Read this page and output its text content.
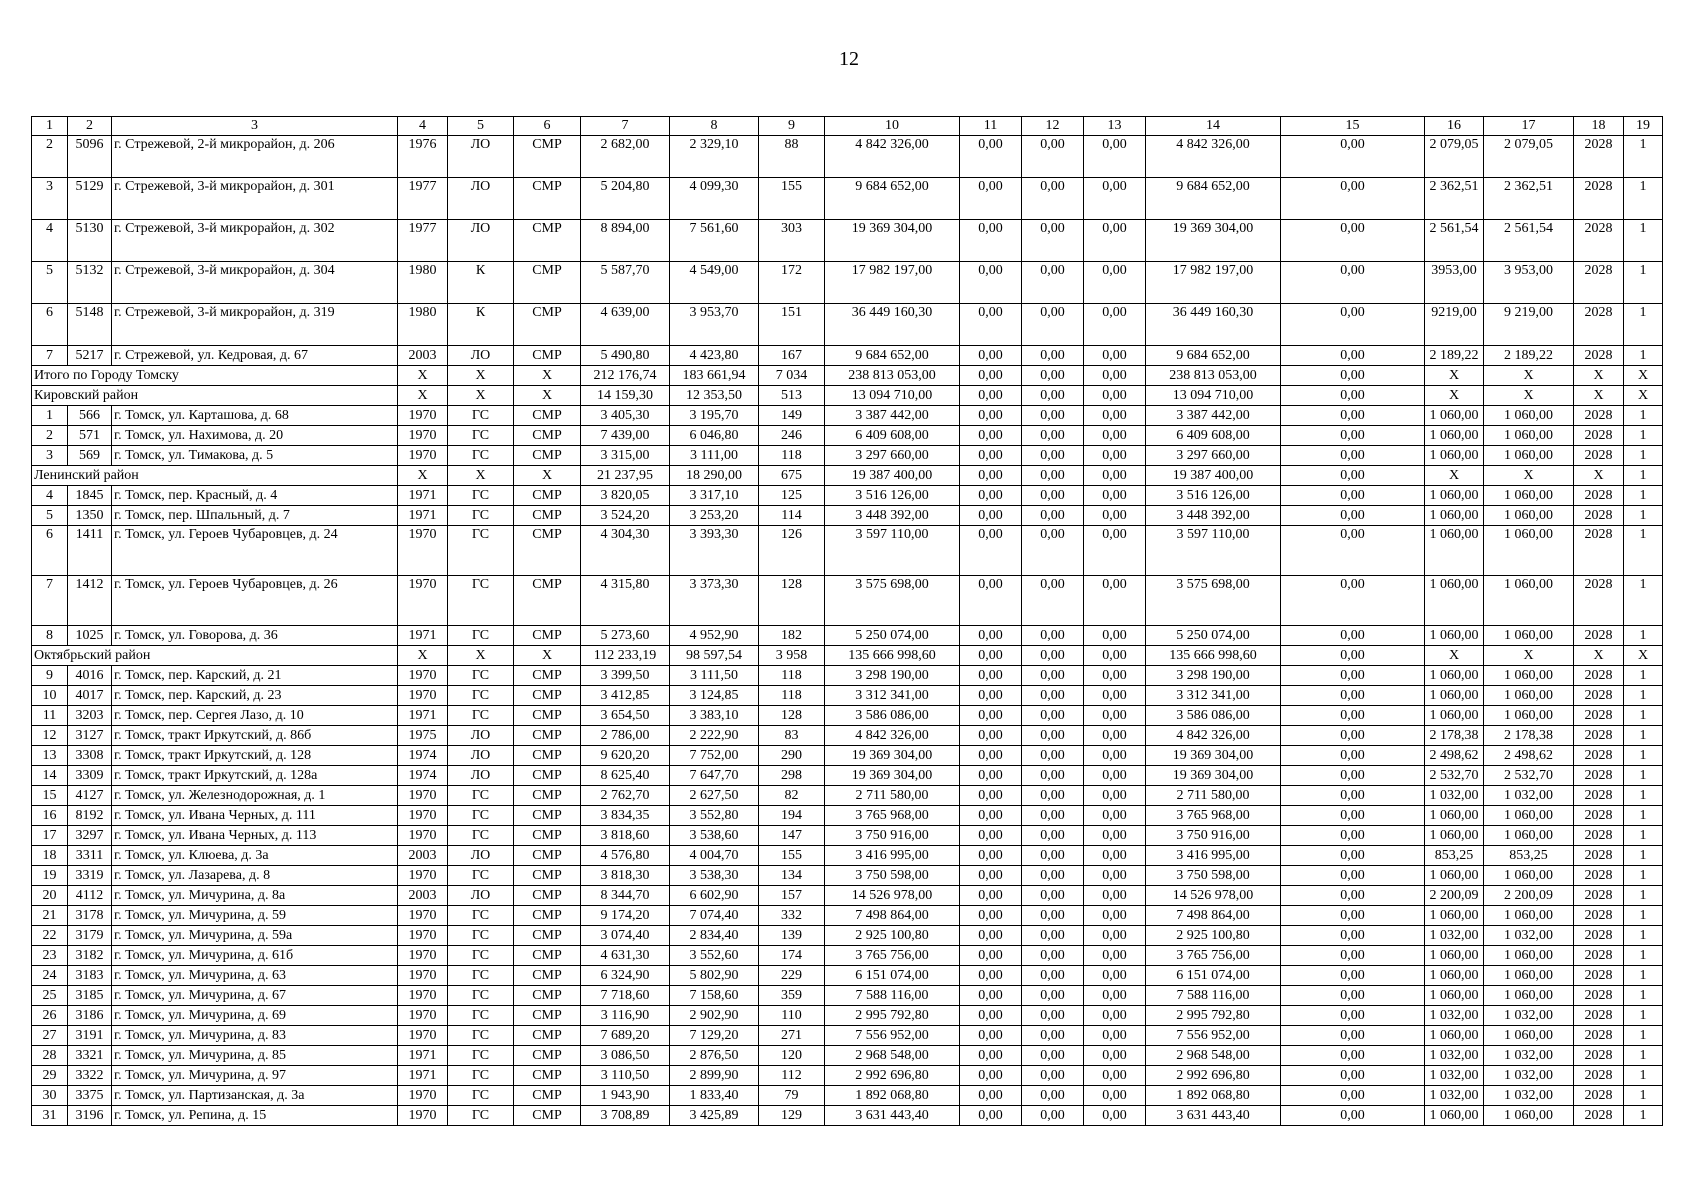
12
1	2	3	4	5	6	7	8	9	10	11	12	13	14	15	16	17	18	19
2	5096	г. Стрежевой, 2-й микрорайон, д. 206	1976	ЛО	СМР	2 682,00	2 329,10	88	4 842 326,00	0,00	0,00	0,00	4 842 326,00	0,00	2 079,05	2 079,05	2028	1
3	5129	г. Стрежевой, 3-й микрорайон, д. 301	1977	ЛО	СМР	5 204,80	4 099,30	155	9 684 652,00	0,00	0,00	0,00	9 684 652,00	0,00	2 362,51	2 362,51	2028	1
4	5130	г. Стрежевой, 3-й микрорайон, д. 302	1977	ЛО	СМР	8 894,00	7 561,60	303	19 369 304,00	0,00	0,00	0,00	19 369 304,00	0,00	2 561,54	2 561,54	2028	1
5	5132	г. Стрежевой, 3-й микрорайон, д. 304	1980	К	СМР	5 587,70	4 549,00	172	17 982 197,00	0,00	0,00	0,00	17 982 197,00	0,00	3953,00	3 953,00	2028	1
6	5148	г. Стрежевой, 3-й микрорайон, д. 319	1980	К	СМР	4 639,00	3 953,70	151	36 449 160,30	0,00	0,00	0,00	36 449 160,30	0,00	9219,00	9 219,00	2028	1
7	5217	г. Стрежевой, ул. Кедровая, д. 67	2003	ЛО	СМР	5 490,80	4 423,80	167	9 684 652,00	0,00	0,00	0,00	9 684 652,00	0,00	2 189,22	2 189,22	2028	1
Итого по Городу Томску			Х	Х	Х	212 176,74	183 661,94	7 034	238 813 053,00	0,00	0,00	0,00	238 813 053,00	0,00	Х	Х	Х	Х
Кировский район			Х	Х	Х	14 159,30	12 353,50	513	13 094 710,00	0,00	0,00	0,00	13 094 710,00	0,00	Х	Х	Х	Х
1	566	г. Томск, ул. Карташова, д. 68	1970	ГС	СМР	3 405,30	3 195,70	149	3 387 442,00	0,00	0,00	0,00	3 387 442,00	0,00	1 060,00	1 060,00	2028	1
2	571	г. Томск, ул. Нахимова, д. 20	1970	ГС	СМР	7 439,00	6 046,80	246	6 409 608,00	0,00	0,00	0,00	6 409 608,00	0,00	1 060,00	1 060,00	2028	1
3	569	г. Томск, ул. Тимакова, д. 5	1970	ГС	СМР	3 315,00	3 111,00	118	3 297 660,00	0,00	0,00	0,00	3 297 660,00	0,00	1 060,00	1 060,00	2028	1
Ленинский район			Х	Х	Х	21 237,95	18 290,00	675	19 387 400,00	0,00	0,00	0,00	19 387 400,00	0,00	Х	Х	Х	1
4	1845	г. Томск, пер. Красный, д. 4	1971	ГС	СМР	3 820,05	3 317,10	125	3 516 126,00	0,00	0,00	0,00	3 516 126,00	0,00	1 060,00	1 060,00	2028	1
5	1350	г. Томск, пер. Шпальный, д. 7	1971	ГС	СМР	3 524,20	3 253,20	114	3 448 392,00	0,00	0,00	0,00	3 448 392,00	0,00	1 060,00	1 060,00	2028	1
6	1411	г. Томск, ул. Героев Чубаровцев, д. 24	1970	ГС	СМР	4 304,30	3 393,30	126	3 597 110,00	0,00	0,00	0,00	3 597 110,00	0,00	1 060,00	1 060,00	2028	1
7	1412	г. Томск, ул. Героев Чубаровцев, д. 26	1970	ГС	СМР	4 315,80	3 373,30	128	3 575 698,00	0,00	0,00	0,00	3 575 698,00	0,00	1 060,00	1 060,00	2028	1
8	1025	г. Томск, ул. Говорова, д. 36	1971	ГС	СМР	5 273,60	4 952,90	182	5 250 074,00	0,00	0,00	0,00	5 250 074,00	0,00	1 060,00	1 060,00	2028	1
Октябрьский район			Х	Х	Х	112 233,19	98 597,54	3 958	135 666 998,60	0,00	0,00	0,00	135 666 998,60	0,00	Х	Х	Х	Х
9	4016	г. Томск, пер. Карский, д. 21	1970	ГС	СМР	3 399,50	3 111,50	118	3 298 190,00	0,00	0,00	0,00	3 298 190,00	0,00	1 060,00	1 060,00	2028	1
10	4017	г. Томск, пер. Карский, д. 23	1970	ГС	СМР	3 412,85	3 124,85	118	3 312 341,00	0,00	0,00	0,00	3 312 341,00	0,00	1 060,00	1 060,00	2028	1
11	3203	г. Томск, пер. Сергея Лазо, д. 10	1971	ГС	СМР	3 654,50	3 383,10	128	3 586 086,00	0,00	0,00	0,00	3 586 086,00	0,00	1 060,00	1 060,00	2028	1
12	3127	г. Томск, тракт Иркутский, д. 86б	1975	ЛО	СМР	2 786,00	2 222,90	83	4 842 326,00	0,00	0,00	0,00	4 842 326,00	0,00	2 178,38	2 178,38	2028	1
13	3308	г. Томск, тракт Иркутский, д. 128	1974	ЛО	СМР	9 620,20	7 752,00	290	19 369 304,00	0,00	0,00	0,00	19 369 304,00	0,00	2 498,62	2 498,62	2028	1
14	3309	г. Томск, тракт Иркутский, д. 128а	1974	ЛО	СМР	8 625,40	7 647,70	298	19 369 304,00	0,00	0,00	0,00	19 369 304,00	0,00	2 532,70	2 532,70	2028	1
15	4127	г. Томск, ул. Железнодорожная, д. 1	1970	ГС	СМР	2 762,70	2 627,50	82	2 711 580,00	0,00	0,00	0,00	2 711 580,00	0,00	1 032,00	1 032,00	2028	1
16	8192	г. Томск, ул. Ивана Черных, д. 111	1970	ГС	СМР	3 834,35	3 552,80	194	3 765 968,00	0,00	0,00	0,00	3 765 968,00	0,00	1 060,00	1 060,00	2028	1
17	3297	г. Томск, ул. Ивана Черных, д. 113	1970	ГС	СМР	3 818,60	3 538,60	147	3 750 916,00	0,00	0,00	0,00	3 750 916,00	0,00	1 060,00	1 060,00	2028	1
18	3311	г. Томск, ул. Клюева, д. 3а	2003	ЛО	СМР	4 576,80	4 004,70	155	3 416 995,00	0,00	0,00	0,00	3 416 995,00	0,00	853,25	853,25	2028	1
19	3319	г. Томск, ул. Лазарева, д. 8	1970	ГС	СМР	3 818,30	3 538,30	134	3 750 598,00	0,00	0,00	0,00	3 750 598,00	0,00	1 060,00	1 060,00	2028	1
20	4112	г. Томск, ул. Мичурина, д. 8а	2003	ЛО	СМР	8 344,70	6 602,90	157	14 526 978,00	0,00	0,00	0,00	14 526 978,00	0,00	2 200,09	2 200,09	2028	1
21	3178	г. Томск, ул. Мичурина, д. 59	1970	ГС	СМР	9 174,20	7 074,40	332	7 498 864,00	0,00	0,00	0,00	7 498 864,00	0,00	1 060,00	1 060,00	2028	1
22	3179	г. Томск, ул. Мичурина, д. 59а	1970	ГС	СМР	3 074,40	2 834,40	139	2 925 100,80	0,00	0,00	0,00	2 925 100,80	0,00	1 032,00	1 032,00	2028	1
23	3182	г. Томск, ул. Мичурина, д. 61б	1970	ГС	СМР	4 631,30	3 552,60	174	3 765 756,00	0,00	0,00	0,00	3 765 756,00	0,00	1 060,00	1 060,00	2028	1
24	3183	г. Томск, ул. Мичурина, д. 63	1970	ГС	СМР	6 324,90	5 802,90	229	6 151 074,00	0,00	0,00	0,00	6 151 074,00	0,00	1 060,00	1 060,00	2028	1
25	3185	г. Томск, ул. Мичурина, д. 67	1970	ГС	СМР	7 718,60	7 158,60	359	7 588 116,00	0,00	0,00	0,00	7 588 116,00	0,00	1 060,00	1 060,00	2028	1
26	3186	г. Томск, ул. Мичурина, д. 69	1970	ГС	СМР	3 116,90	2 902,90	110	2 995 792,80	0,00	0,00	0,00	2 995 792,80	0,00	1 032,00	1 032,00	2028	1
27	3191	г. Томск, ул. Мичурина, д. 83	1970	ГС	СМР	7 689,20	7 129,20	271	7 556 952,00	0,00	0,00	0,00	7 556 952,00	0,00	1 060,00	1 060,00	2028	1
28	3321	г. Томск, ул. Мичурина, д. 85	1971	ГС	СМР	3 086,50	2 876,50	120	2 968 548,00	0,00	0,00	0,00	2 968 548,00	0,00	1 032,00	1 032,00	2028	1
29	3322	г. Томск, ул. Мичурина, д. 97	1971	ГС	СМР	3 110,50	2 899,90	112	2 992 696,80	0,00	0,00	0,00	2 992 696,80	0,00	1 032,00	1 032,00	2028	1
30	3375	г. Томск, ул. Партизанская, д. 3а	1970	ГС	СМР	1 943,90	1 833,40	79	1 892 068,80	0,00	0,00	0,00	1 892 068,80	0,00	1 032,00	1 032,00	2028	1
31	3196	г. Томск, ул. Репина, д. 15	1970	ГС	СМР	3 708,89	3 425,89	129	3 631 443,40	0,00	0,00	0,00	3 631 443,40	0,00	1 060,00	1 060,00	2028	1
